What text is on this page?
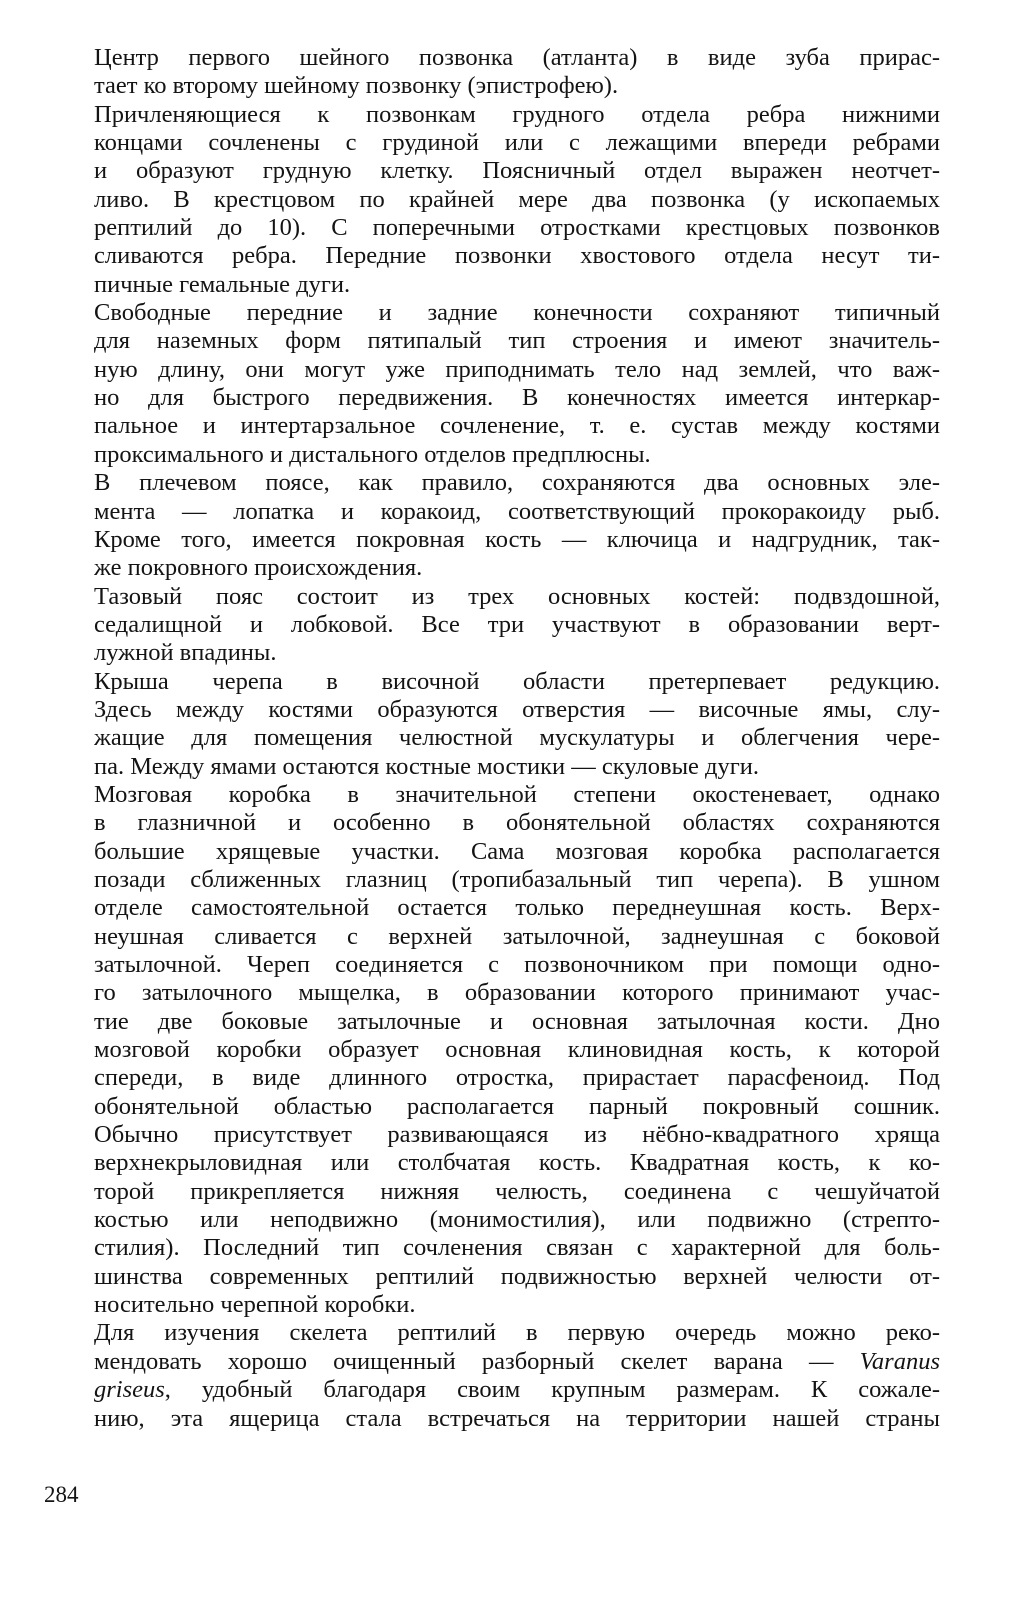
Центр первого шейного позвонка (атланта) в виде зуба прирас-
тает ко второму шейному позвонку (эпистрофею).
Причленяющиеся к позвонкам грудного отдела ребра нижними
концами сочленены с грудиной или с лежащими впереди ребрами
и образуют грудную клетку. Поясничный отдел выражен неотчет-
ливо. В крестцовом по крайней мере два позвонка (у ископаемых
рептилий до 10). С поперечными отростками крестцовых позвонков
сливаются ребра. Передние позвонки хвостового отдела несут ти-
пичные гемальные дуги.
Свободные передние и задние конечности сохраняют типичный
для наземных форм пятипалый тип строения и имеют значитель-
ную длину, они могут уже приподнимать тело над землей, что важ-
но для быстрого передвижения. В конечностях имеется интеркар-
пальное и интертарзальное сочленение, т. е. сустав между костями
проксимального и дистального отделов предплюсны.
В плечевом поясе, как правило, сохраняются два основных эле-
мента — лопатка и коракоид, соответствующий прокоракоиду рыб.
Кроме того, имеется покровная кость — ключица и надгрудник, так-
же покровного происхождения.
Тазовый пояс состоит из трех основных костей: подвздошной,
седалищной и лобковой. Все три участвуют в образовании верт-
лужной впадины.
Крыша черепа в височной области претерпевает редукцию.
Здесь между костями образуются отверстия — височные ямы, слу-
жащие для помещения челюстной мускулатуры и облегчения чере-
па. Между ямами остаются костные мостики — скуловые дуги.
Мозговая коробка в значительной степени окостеневает, однако
в глазничной и особенно в обонятельной областях сохраняются
большие хрящевые участки. Сама мозговая коробка располагается
позади сближенных глазниц (тропибазальный тип черепа). В ушном
отделе самостоятельной остается только переднеушная кость. Верх-
неушная сливается с верхней затылочной, заднеушная с боковой
затылочной. Череп соединяется с позвоночником при помощи одно-
го затылочного мыщелка, в образовании которого принимают учас-
тие две боковые затылочные и основная затылочная кости. Дно
мозговой коробки образует основная клиновидная кость, к которой
спереди, в виде длинного отростка, прирастает парасфеноид. Под
обонятельной областью располагается парный покровный сошник.
Обычно присутствует развивающаяся из нёбно-квадратного хряща
верхнекрыловидная или столбчатая кость. Квадратная кость, к ко-
торой прикрепляется нижняя челюсть, соединена с чешуйчатой
костью или неподвижно (монимостилия), или подвижно (стрепто-
стилия). Последний тип сочленения связан с характерной для боль-
шинства современных рептилий подвижностью верхней челюсти от-
носительно черепной коробки.
Для изучения скелета рептилий в первую очередь можно реко-
мендовать хорошо очищенный разборный скелет варана — Varanus
griseus, удобный благодаря своим крупным размерам. К сожале-
нию, эта ящерица стала встречаться на территории нашей страны
284
